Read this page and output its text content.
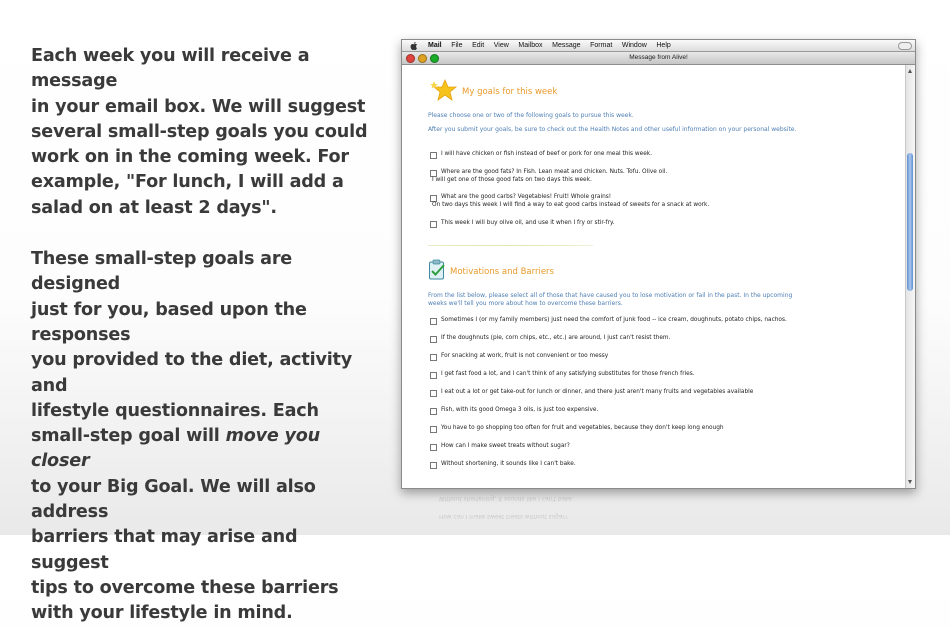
Each week you will receive a message

in your email box. We will suggest

several small-step goals you could

work on in the coming week. For

example, "For lunch, I will add a

salad on at least 2 days".

These small-step goals are designed

just for you, based upon the responses

you provided to the diet, activity and

lifestyle questionnaires. Each

small-step goal will move you closer

to your Big Goal. We will also address

barriers that may arise and suggest

tips to overcome these barriers

with your lifestyle in mind.

Mail File Edit View Mailbox Message Format Window Help
Message from Alive!
My goals for this week
Please choose one or two of the following goals to pursue this week.
After you submit your goals, be sure to check out the Health Notes and other useful information on your personal website.
I will have chicken or fish instead of beef or pork for one meal this week.
Where are the good fats? In Fish. Lean meat and chicken. Nuts. Tofu. Olive oil.
I will get one of those good fats on two days this week.
What are the good carbs? Vegetables! Fruit! Whole grains!
On two days this week I will find a way to eat good carbs instead of sweets for a snack at work.
This week I will buy olive oil, and use it when I fry or stir-fry.
Motivations and Barriers
From the list below, please select all of those that have caused you to lose motivation or fail in the past. In the upcoming weeks we'll tell you more about how to overcome these barriers.
Sometimes I (or my family members) just need the comfort of junk food -- ice cream, doughnuts, potato chips, nachos.
If the doughnuts (pie, corn chips, etc., etc.) are around, I just can't resist them.
For snacking at work, fruit is not convenient or too messy
I get fast food a lot, and I can't think of any satisfying substitutes for those french fries.
I eat out a lot or get take-out for lunch or dinner, and there just aren't many fruits and vegetables available
Fish, with its good Omega 3 oils, is just too expensive.
You have to go shopping too often for fruit and vegetables, because they don't keep long enough
How can I make sweet treats without sugar?
Without shortening, it sounds like I can't bake.
How can I make sweet treats without sugar?
Without shortening, it sounds like I can't bake.
